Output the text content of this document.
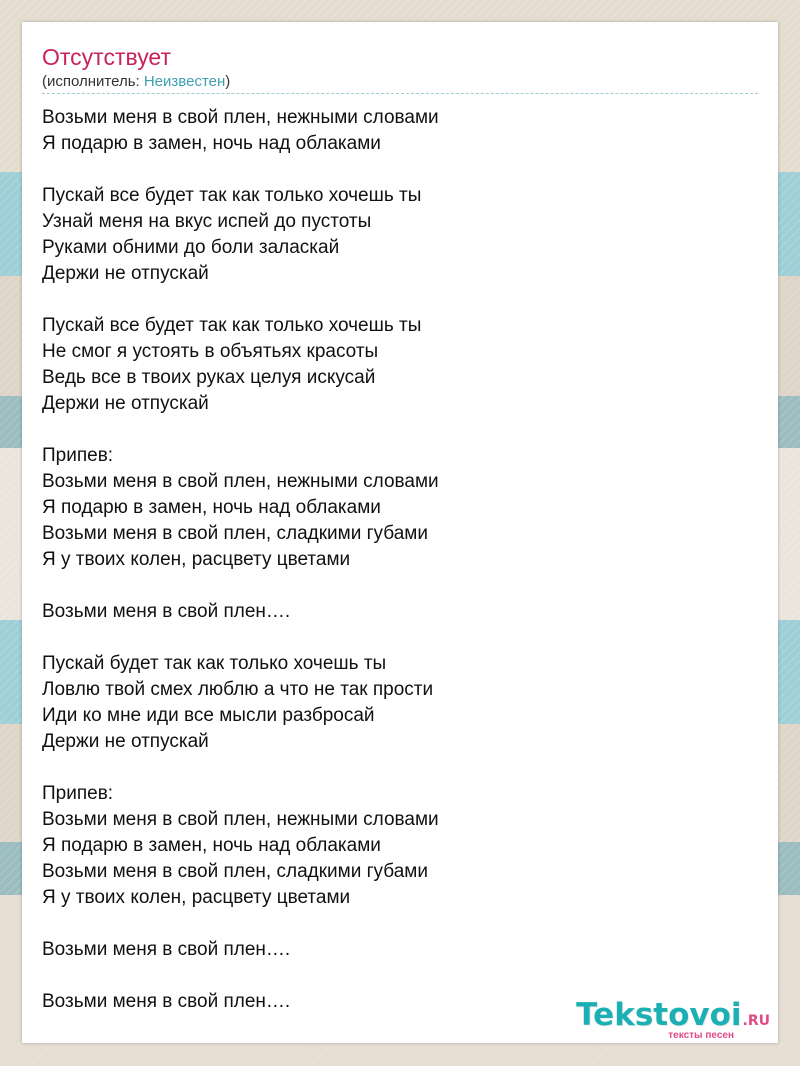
Отсутствует
(исполнитель: Неизвестен)
Возьми меня в свой плен, нежными словами
Я подарю в замен, ночь над облаками
Пускай все будет так как только хочешь ты
Узнай меня на вкус испей до пустоты
Руками обними до боли заласкай
Держи не отпускай
Пускай все будет так как только хочешь ты
Не смог я устоять в объятьях красоты
Ведь все в твоих руках целуя искусай
Держи не отпускай
Припев:
Возьми меня в свой плен, нежными словами
Я подарю в замен, ночь над облаками
Возьми меня в свой плен, сладкими губами
Я у твоих колен, расцвету цветами
Возьми меня в свой плен….
Пускай будет так как только хочешь ты
Ловлю твой смех люблю а что не так прости
Иди ко мне иди все мысли разбросай
Держи не отпускай
Припев:
Возьми меня в свой плен, нежными словами
Я подарю в замен, ночь над облаками
Возьми меня в свой плен, сладкими губами
Я у твоих колен, расцвету цветами
Возьми меня в свой плен….
Возьми меня в свой плен….	Tekstovoi.RU
тексты песен
